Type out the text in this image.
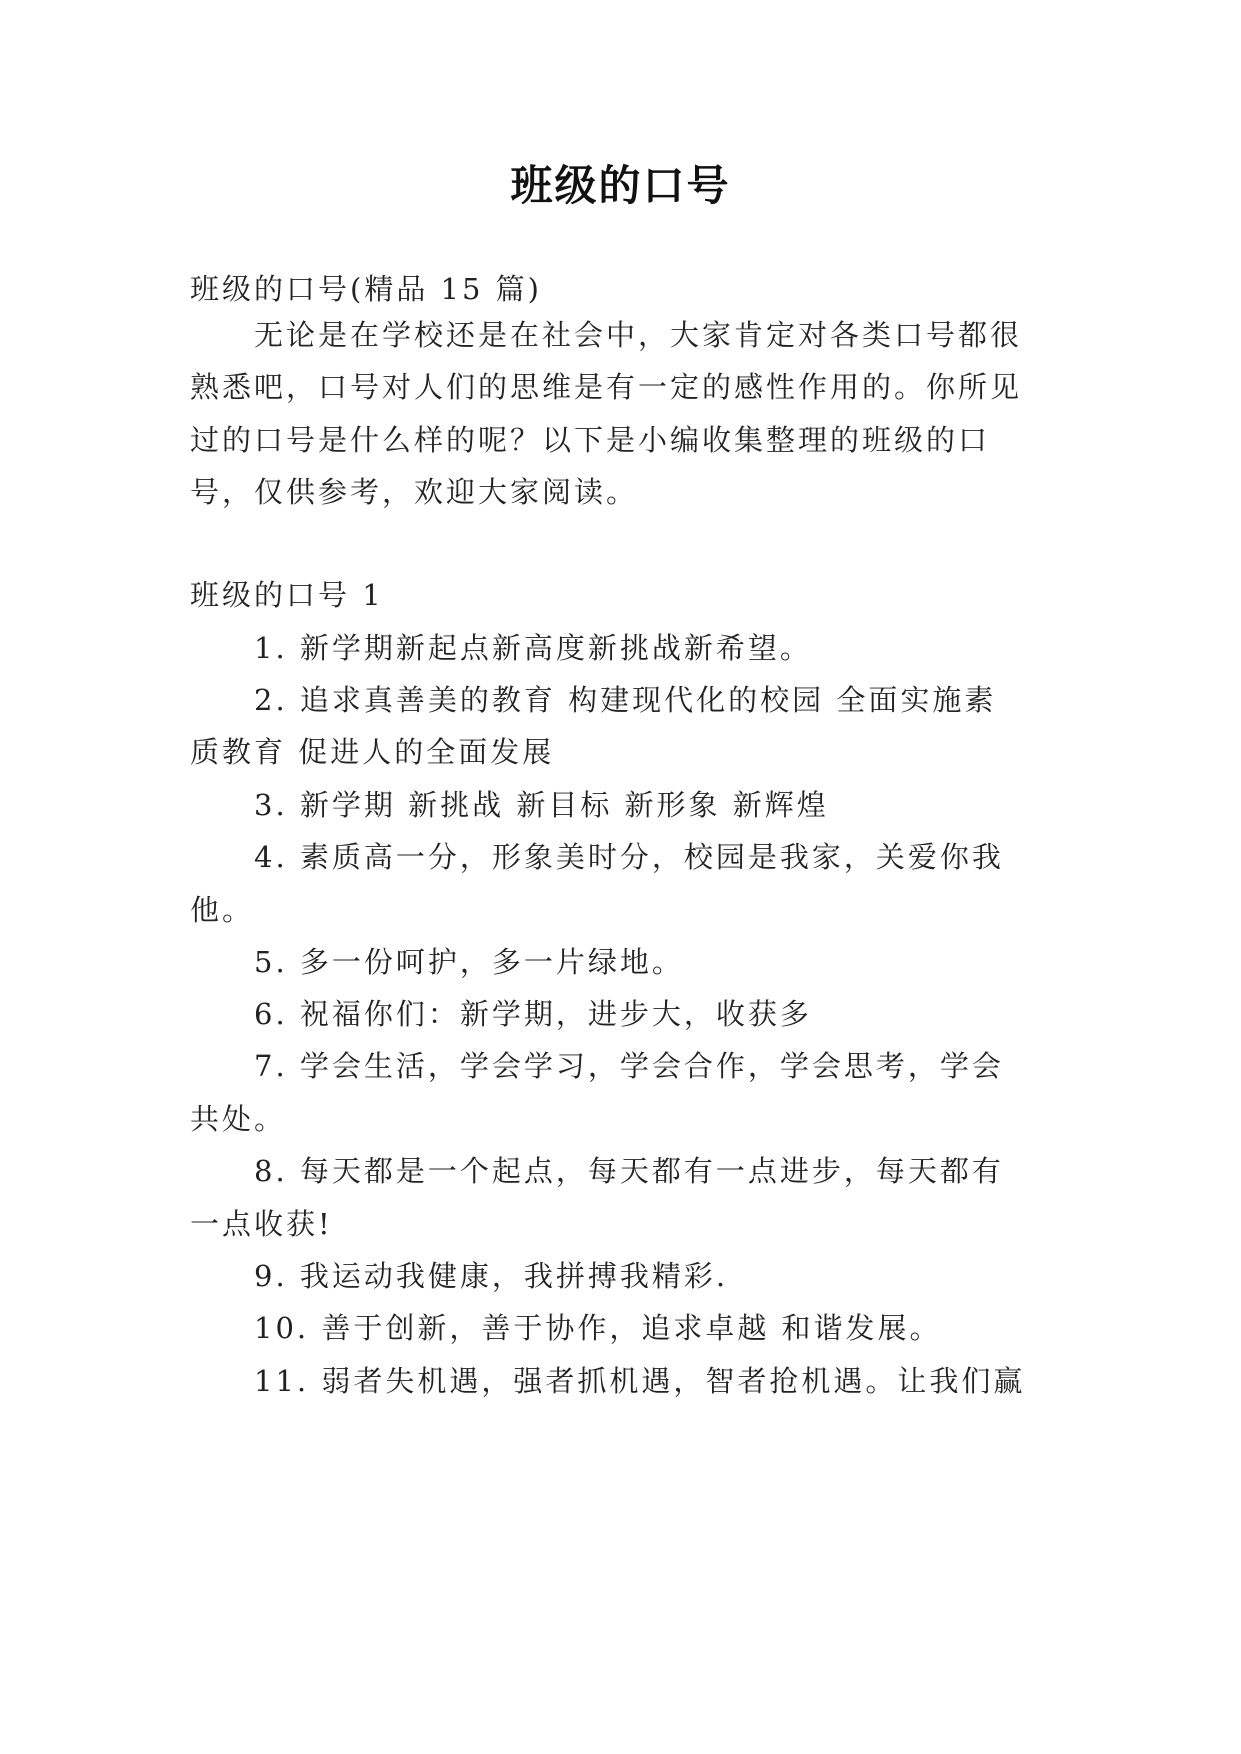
班级的口号
班级的口号(精品 15 篇)
无论是在学校还是在社会中，大家肯定对各类口号都很
熟悉吧，口号对人们的思维是有一定的感性作用的。你所见
过的口号是什么样的呢？以下是小编收集整理的班级的口
号，仅供参考，欢迎大家阅读。
班级的口号 1
1. 新学期新起点新高度新挑战新希望。
2. 追求真善美的教育 构建现代化的校园 全面实施素
质教育 促进人的全面发展
3. 新学期 新挑战 新目标 新形象 新辉煌
4. 素质高一分，形象美时分，校园是我家，关爱你我
他。
5. 多一份呵护，多一片绿地。
6. 祝福你们：新学期，进步大，收获多
7. 学会生活，学会学习，学会合作，学会思考，学会
共处。
8. 每天都是一个起点，每天都有一点进步，每天都有
一点收获!
9. 我运动我健康，我拼搏我精彩.
10. 善于创新，善于协作，追求卓越 和谐发展。
11. 弱者失机遇，强者抓机遇，智者抢机遇。让我们赢
